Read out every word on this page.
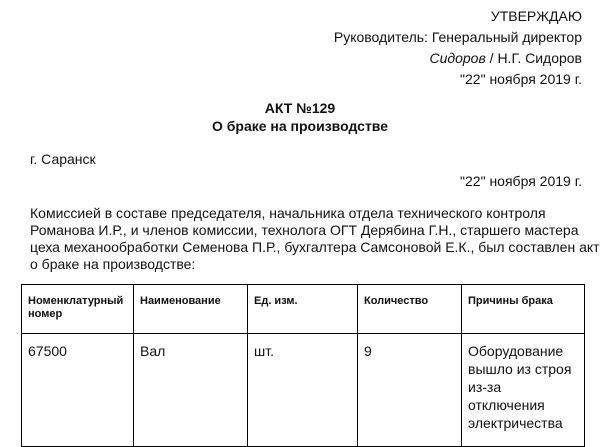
УТВЕРЖДАЮ
Руководитель: Генеральный директор
Сидоров / Н.Г. Сидоров
"22" ноября 2019 г.
АКТ №129
О браке на производстве
г. Саранск
"22" ноября 2019 г.
Комиссией в составе председателя, начальника отдела технического контроля
Романова И.Р., и членов комиссии, технолога ОГТ Дерябина Г.Н., старшего мастера
цеха механообработки Семенова П.Р., бухгалтера Самсоновой Е.К., был составлен акт
о браке на производстве:
Номенклатурный номер	Наименование	Ед. изм.	Количество	Причины брака
67500	Вал	шт.	9	Оборудование вышло из строя из-за отключения электричества
